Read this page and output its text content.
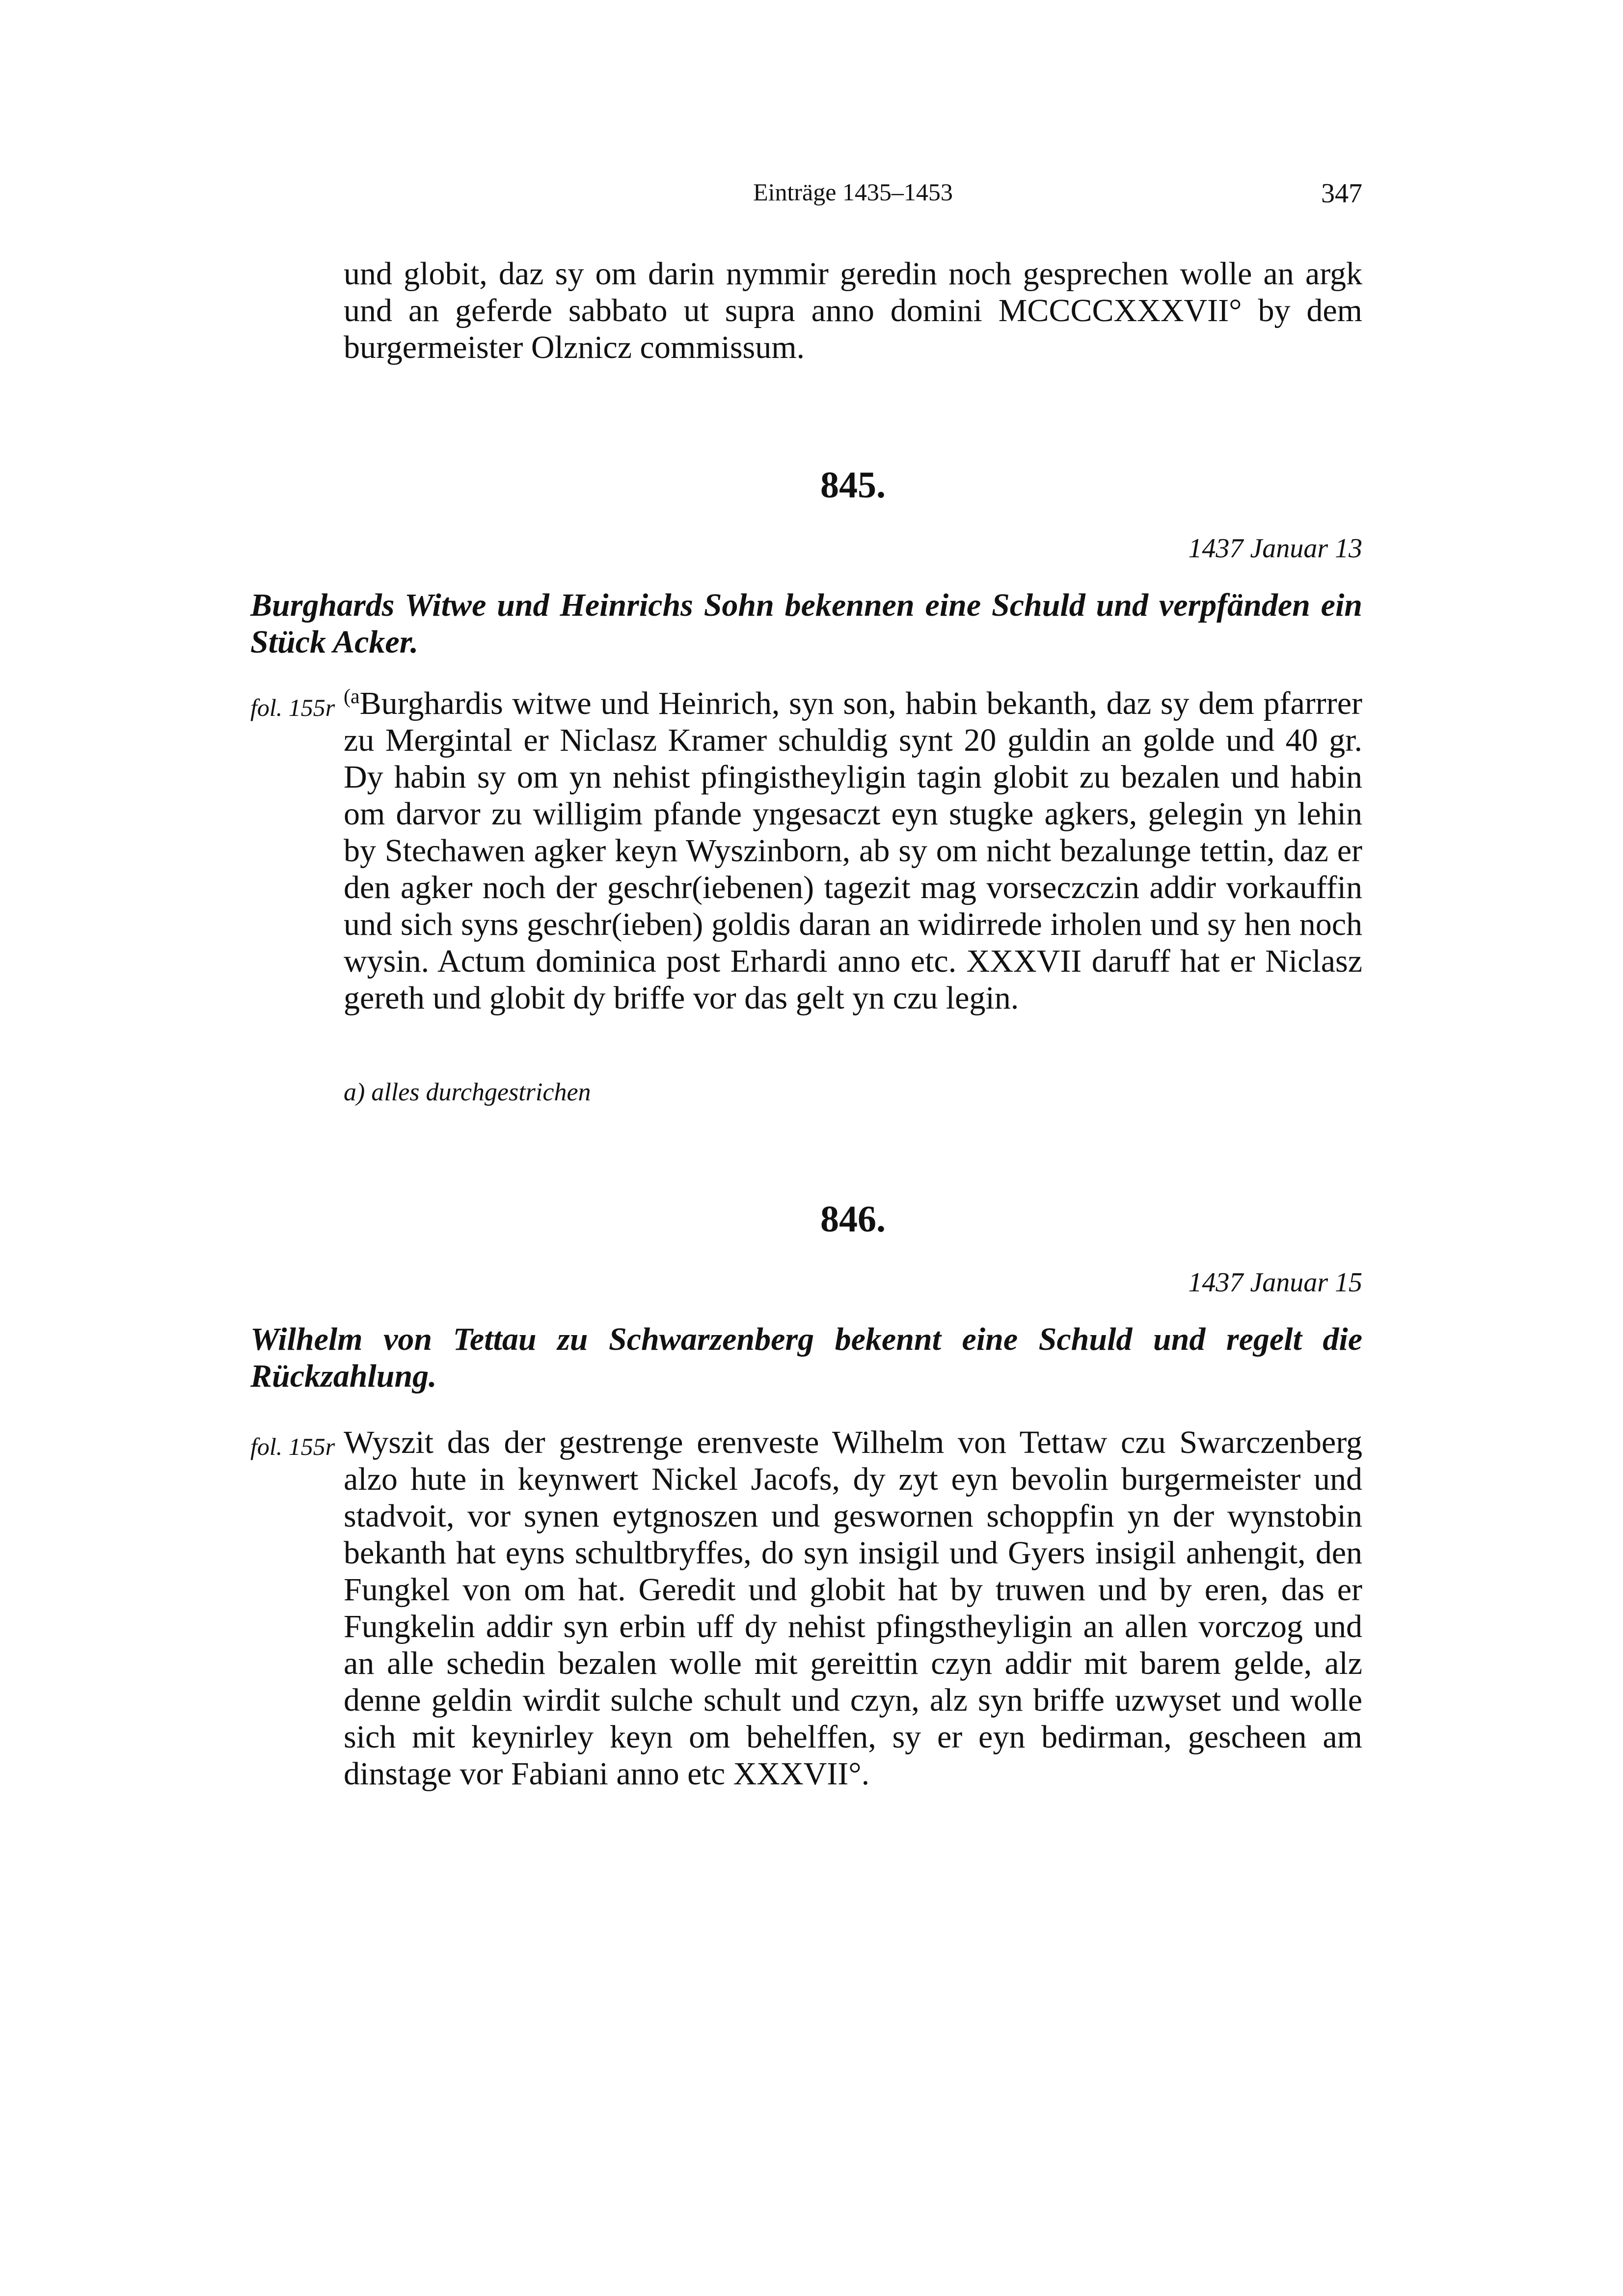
Einträge 1435–1453	347
und globit, daz sy om darin nymmir geredin noch gesprechen wolle an argk und an geferde sabbato ut supra anno domini MCCCCXXXVII° by dem burgermeister Olznicz commissum.
845.
1437 Januar 13
Burghards Witwe und Heinrichs Sohn bekennen eine Schuld und verpfänden ein Stück Acker.
fol. 155r $^{(a}$Burghardis witwe und Heinrich, syn son, habin bekanth, daz sy dem pfarrrer zu Mergintal er Niclasz Kramer schuldig synt 20 guldin an golde und 40 gr. Dy habin sy om yn nehist pfingistheyligin tagin globit zu bezalen und habin om darvor zu willigim pfande yngesaczt eyn stugke agkers, gelegin yn lehin by Stechawen agker keyn Wyszinborn, ab sy om nicht bezalunge tettin, daz er den agker noch der geschr(iebenen) tagezit mag vorseczczin addir vorkauffin und sich syns geschr(ieben) goldis daran an widirrede irholen und sy hen noch wysin. Actum dominica post Erhardi anno etc. XXXVII daruff hat er Niclasz gereth und globit dy briffe vor das gelt yn czu legin.
a) alles durchgestrichen
846.
1437 Januar 15
Wilhelm von Tettau zu Schwarzenberg bekennt eine Schuld und regelt die Rückzahlung.
fol. 155r Wyszit das der gestrenge erenveste Wilhelm von Tettaw czu Swarczenberg alzo hute in keynwert Nickel Jacofs, dy zyt eyn bevolin burgermeister und stadvoit, vor synen eytgnoszen und geswornen schoppfin yn der wynstobin bekanth hat eyns schultbryffes, do syn insigil und Gyers insigil anhengit, den Fungkel von om hat. Geredit und globit hat by truwen und by eren, das er Fungkelin addir syn erbin uff dy nehist pfingstheyligin an allen vorczog und an alle schedin bezalen wolle mit gereittin czyn addir mit barem gelde, alz denne geldin wirdit sulche schult und czyn, alz syn briffe uzwyset und wolle sich mit keynirley keyn om behelffen, sy er eyn bedirman, gescheen am dinstage vor Fabiani anno etc XXXVII°.
